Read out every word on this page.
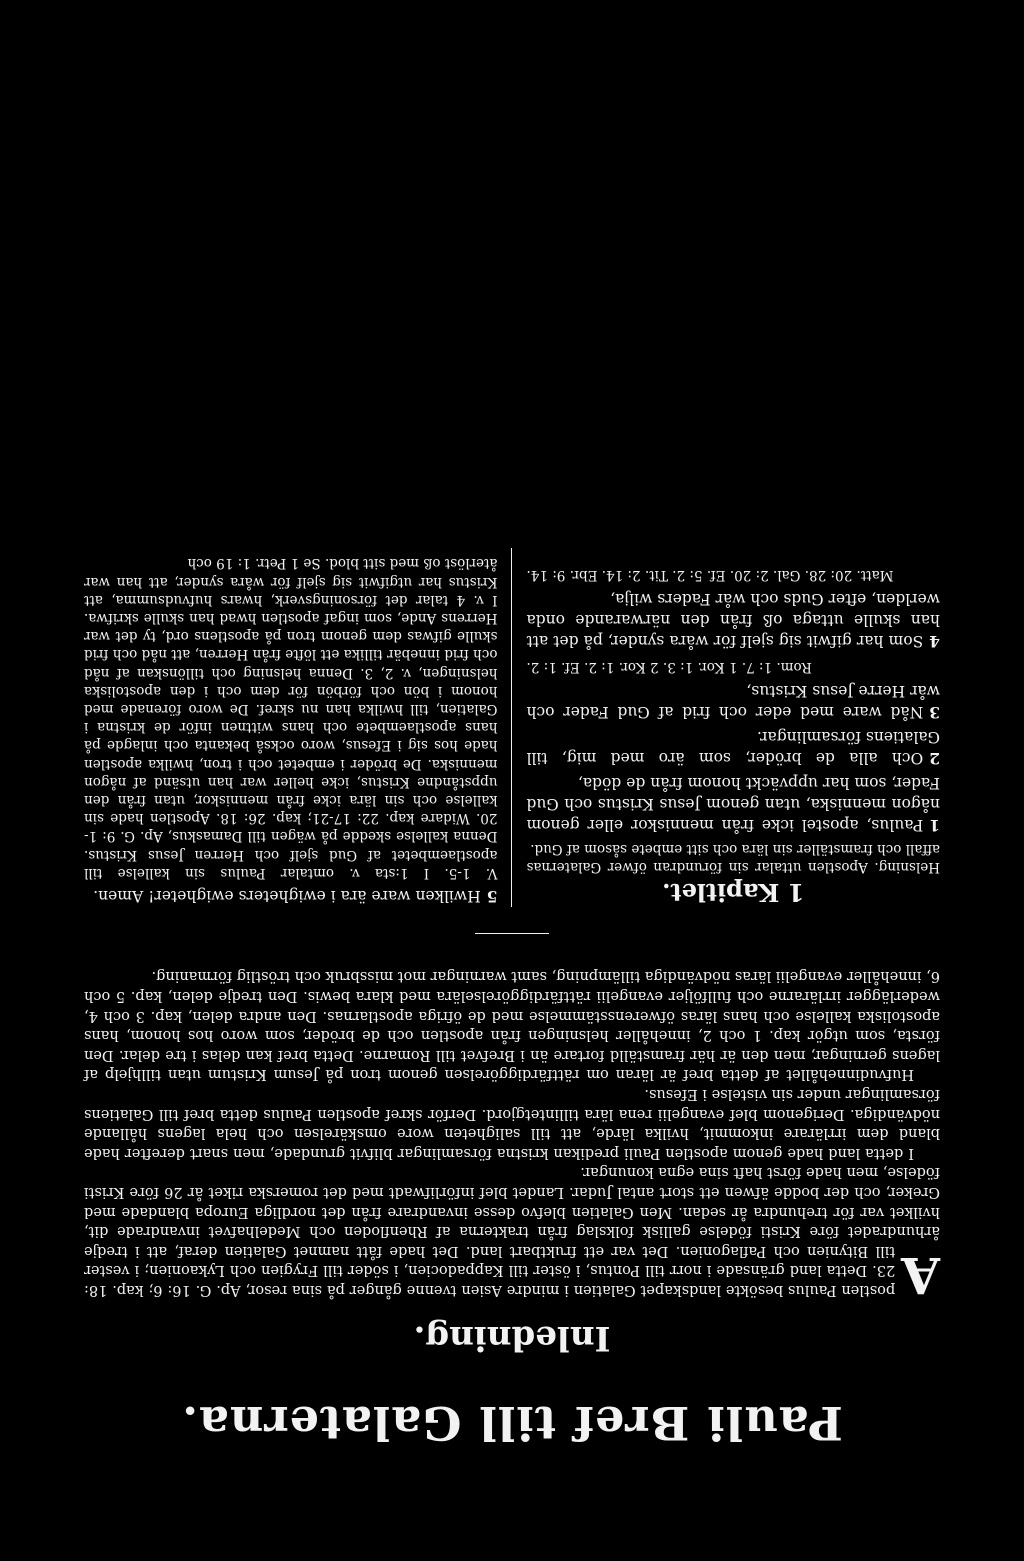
Pauli Bref till Galaterna.
Inledning.

A
postlen Paulus besökte landskapet Galatien i mindre Asien tvenne gånger på sina resor, Ap. G. 16: 6; kap. 18: 23. Detta land gränsade i norr till Pontus, i öster till Kappadocien, i söder till Frygien och Lykaonien; i vester till Bitynien och Paflagonien. Det var ett fruktbart land. Det hade fått namnet Galatien deraf, att i tredje århundradet före Kristi födelse gallisk folkslag från trakterna af Rhenfloden och Medelhafvet invandrade dit, hvilket var för trehundra år sedan. Men Galatien blefvo desse invandrare från det nordliga Europa blandade med Greker, och der bodde äfwen ett stort antal Judar. Landet blef införlifwadt med det romerska riket år 26 före Kristi födelse, men hade först haft sina egna konungar.

I detta land hade genom apostlen Pauli predikan kristna församlingar blifvit grundade, men snart derefter hade bland dem irrlärare inkommit, hvilka lärde, att till saligheten wore omskärelsen och hela lagens hållande nödvändiga. Derigenom blef evangelii rena lära tillintetgjord. Derför skref apostlen Paulus detta bref till Galatiens församlingar under sin vistelse i Efesus.

Hufvudinnehållet af detta bref är läran om rättfärdiggörelsen genom tron på Jesum Kristum utan tillhjelp af lagens gerningar, men den är här framställd fortare än i Brefvet till Romarne. Detta bref kan delas i tre delar. Den första, som utgör kap. 1 och 2, innehåller helsningen från apostlen och de bröder, som woro hos honom, hans apostoliska kallelse och hans läras öfwerensstämmelse med de öfriga apostlarnas. Den andra delen, kap. 3 och 4, wederlägger irrlärarne och fullföljer evangelii rättfärdiggörelselära med klara bewis. Den tredje delen, kap. 5 och 6, innehåller evangelii läras nödvändiga tillämpning, samt warningar mot missbruk och tröstlig förmaning.

1 Kapitlet.

Helsning. Apostlen uttalar sin förundran öfwer Galaternas affall och framställer sin lära och sitt embete såsom af Gud.

1Paulus, apostel icke från menniskor eller genom någon menniska, utan genom Jesus Kristus och Gud Fader, som har uppväckt honom från de döda,

2Och alla de bröder, som äro med mig, till Galatiens församlingar.

3Nåd ware med eder och frid af Gud Fader och wår Herre Jesus Kristus,

Rom. 1: 7. 1 Kor. 1: 3. 2 Kor. 1: 2. Ef. 1: 2.

4Som har gifwit sig sjelf för wåra synder, på det att han skulle uttaga oß från den närwarande onda werlden, efter Guds och wår Faders wilja,

Matt. 20: 28. Gal. 2: 20. Ef. 5: 2. Tit. 2: 14. Ebr. 9: 14.

5Hwilken ware ära i ewigheters ewigheter! Amen.

V. 1-5. I 1:sta v. omtalar Paulus sin kallelse till apostlaembetet af Gud sjelf och Herren Jesus Kristus. Denna kallelse skedde på wägen till Damaskus, Ap. G. 9: 1-20. Widare kap. 22: 17-21; kap. 26: 18. Apostlen hade sin kallelse och sin lära icke från menniskor, utan från den uppståndne Kristus, icke heller war han utsänd af någon menniska. De bröder i embetet och i tron, hwilka apostlen hade hos sig i Efesus, woro också bekanta och inlagde på hans apostlaembete och hans wittnen inför de kristna i Galatien, till hwilka han nu skref. De woro förenade med honom i bön och förbön för dem och i den apostoliska helsningen, v. 2, 3. Denna helsning och tillönskan af nåd och frid innebär tillika ett löfte från Herren, att nåd och frid skulle gifwas dem genom tron på apostlens ord, ty det war Herrens Ande, som ingaf apostlen hwad han skulle skrifwa. I v. 4 talar det försoningsverk, hwars hufvudsumma, att Kristus har utgifwit sig sjelf för wåra synder, att han war återlöst oß med sitt blod. Se 1 Petr. 1: 19 och
